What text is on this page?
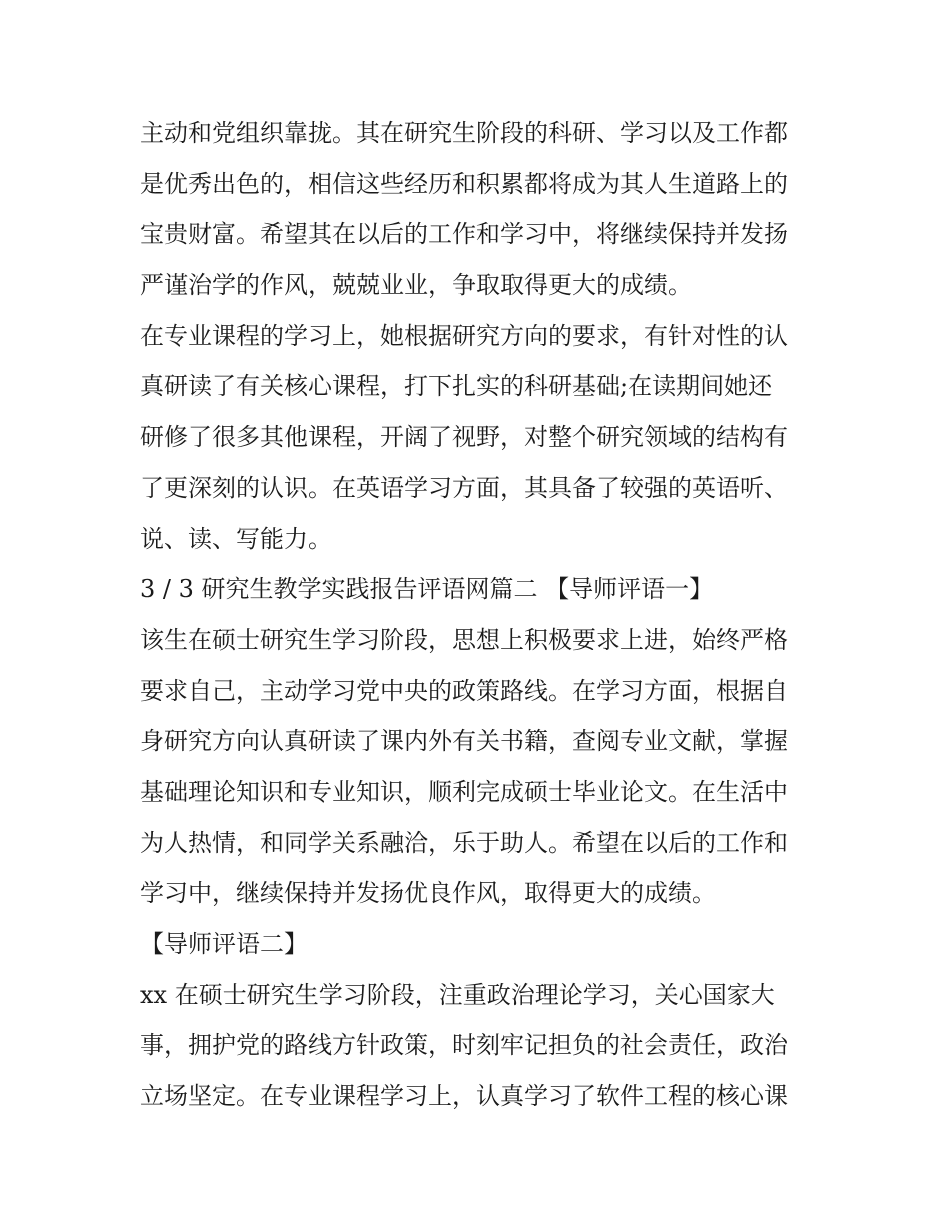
主动和党组织靠拢。其在研究生阶段的科研、学习以及工作都
是优秀出色的，相信这些经历和积累都将成为其人生道路上的
宝贵财富。希望其在以后的工作和学习中，将继续保持并发扬
严谨治学的作风，兢兢业业，争取取得更大的成绩。
在专业课程的学习上，她根据研究方向的要求，有针对性的认
真研读了有关核心课程，打下扎实的科研基础;在读期间她还
研修了很多其他课程，开阔了视野，对整个研究领域的结构有
了更深刻的认识。在英语学习方面，其具备了较强的英语听、
说、读、写能力。
3 / 3 研究生教学实践报告评语网篇二 【导师评语一】
该生在硕士研究生学习阶段，思想上积极要求上进，始终严格
要求自己，主动学习党中央的政策路线。在学习方面，根据自
身研究方向认真研读了课内外有关书籍，查阅专业文献，掌握
基础理论知识和专业知识，顺利完成硕士毕业论文。在生活中
为人热情，和同学关系融洽，乐于助人。希望在以后的工作和
学习中，继续保持并发扬优良作风，取得更大的成绩。
【导师评语二】
xx 在硕士研究生学习阶段，注重政治理论学习，关心国家大
事，拥护党的路线方针政策，时刻牢记担负的社会责任，政治
立场坚定。在专业课程学习上，认真学习了软件工程的核心课
